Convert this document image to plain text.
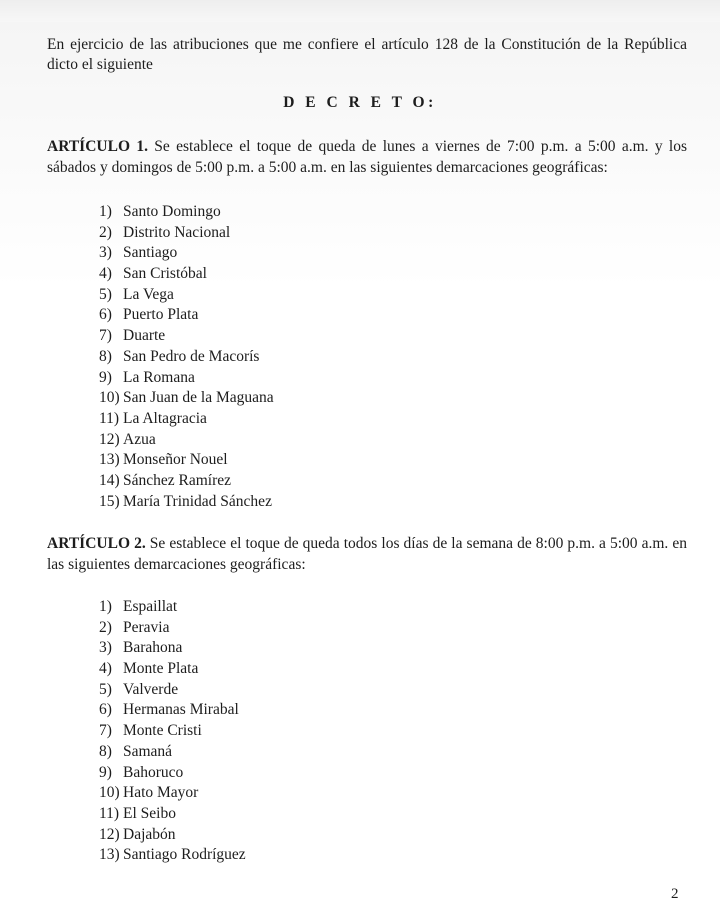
En ejercicio de las atribuciones que me confiere el artículo 128 de la Constitución de la República dicto el siguiente
D E C R E T O:
ARTÍCULO 1. Se establece el toque de queda de lunes a viernes de 7:00 p.m. a 5:00 a.m. y los sábados y domingos de 5:00 p.m. a 5:00 a.m. en las siguientes demarcaciones geográficas:
1) Santo Domingo
2) Distrito Nacional
3) Santiago
4) San Cristóbal
5) La Vega
6) Puerto Plata
7) Duarte
8) San Pedro de Macorís
9) La Romana
10) San Juan de la Maguana
11) La Altagracia
12) Azua
13) Monseñor Nouel
14) Sánchez Ramírez
15) María Trinidad Sánchez
ARTÍCULO 2. Se establece el toque de queda todos los días de la semana de 8:00 p.m. a 5:00 a.m. en las siguientes demarcaciones geográficas:
1) Espaillat
2) Peravia
3) Barahona
4) Monte Plata
5) Valverde
6) Hermanas Mirabal
7) Monte Cristi
8) Samaná
9) Bahoruco
10) Hato Mayor
11) El Seibo
12) Dajabón
13) Santiago Rodríguez
2
